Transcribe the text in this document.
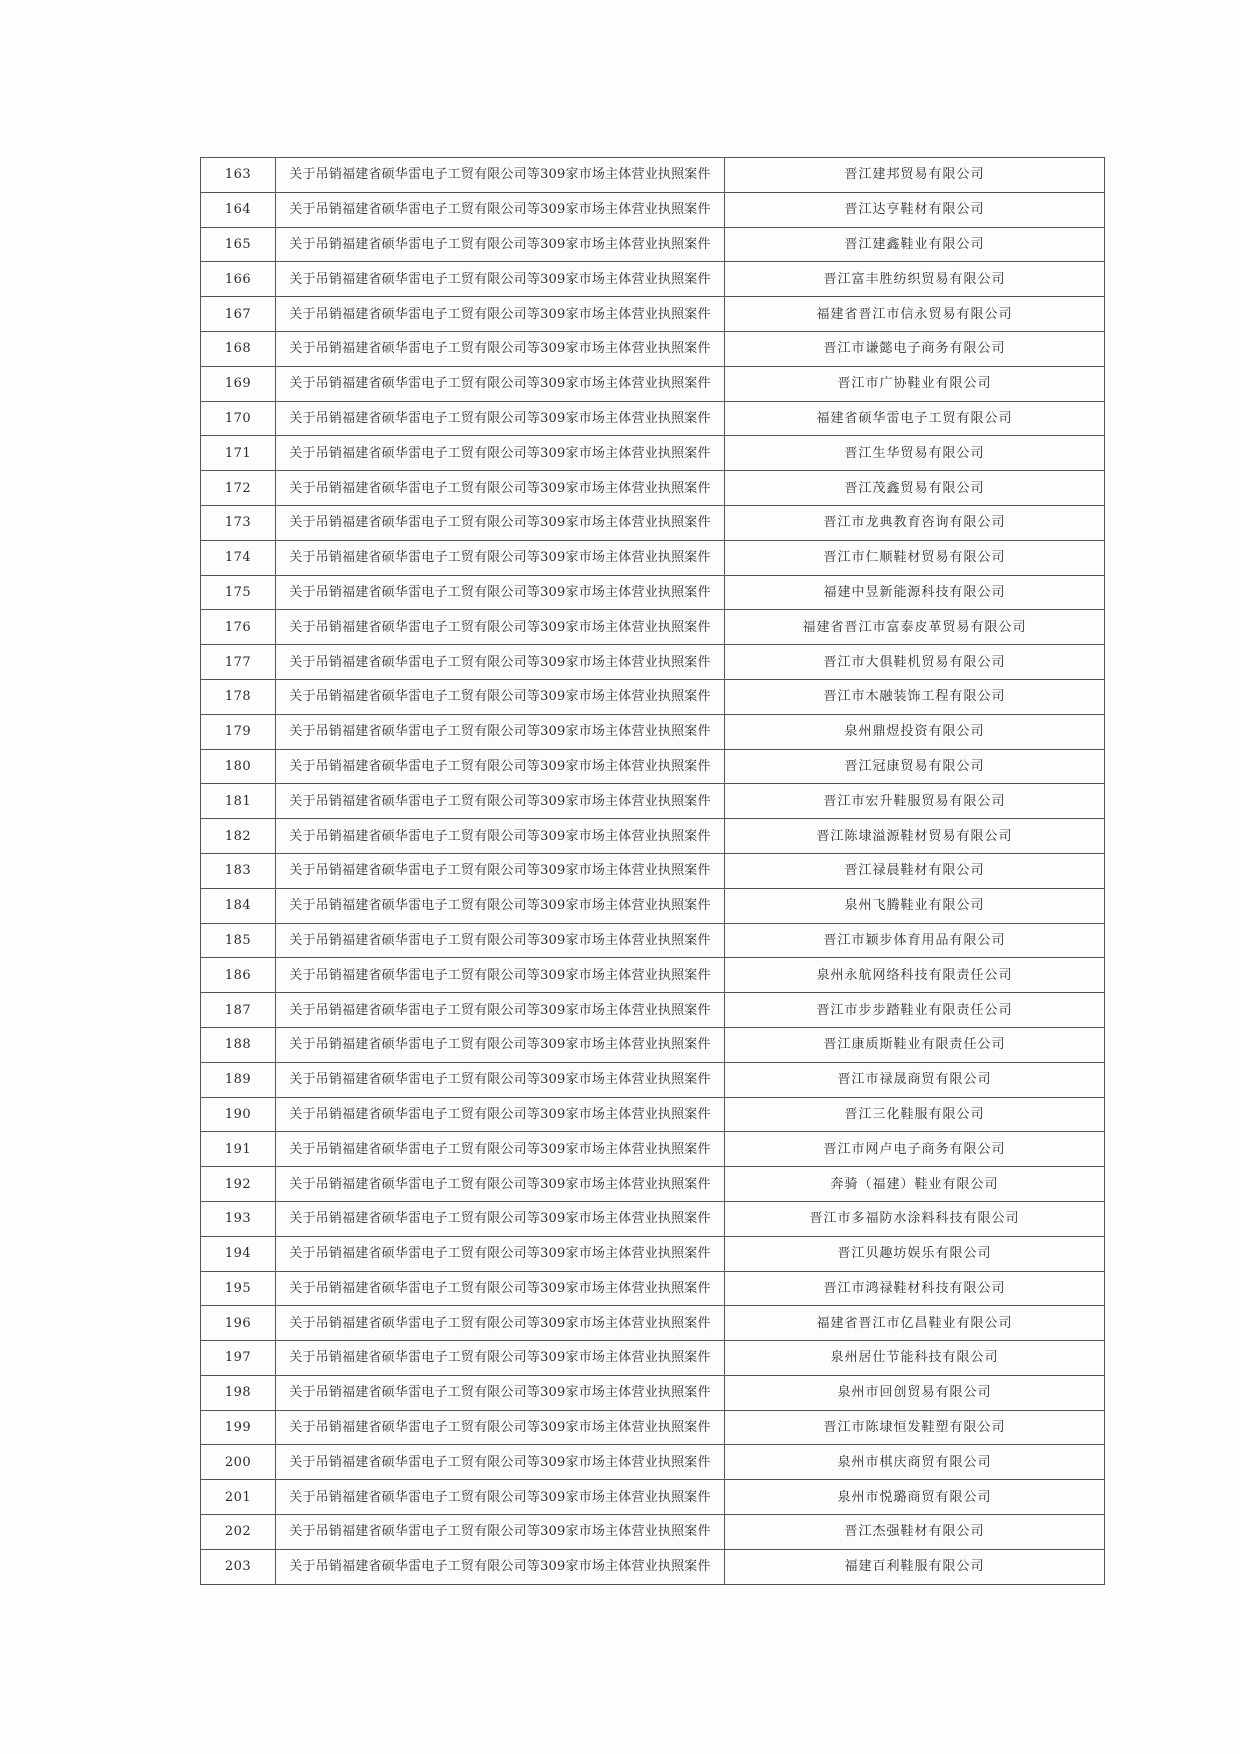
163	关于吊销福建省硕华雷电子工贸有限公司等309家市场主体营业执照案件	晋江建邦贸易有限公司
164	关于吊销福建省硕华雷电子工贸有限公司等309家市场主体营业执照案件	晋江达亨鞋材有限公司
165	关于吊销福建省硕华雷电子工贸有限公司等309家市场主体营业执照案件	晋江建鑫鞋业有限公司
166	关于吊销福建省硕华雷电子工贸有限公司等309家市场主体营业执照案件	晋江富丰胜纺织贸易有限公司
167	关于吊销福建省硕华雷电子工贸有限公司等309家市场主体营业执照案件	福建省晋江市信永贸易有限公司
168	关于吊销福建省硕华雷电子工贸有限公司等309家市场主体营业执照案件	晋江市谦懿电子商务有限公司
169	关于吊销福建省硕华雷电子工贸有限公司等309家市场主体营业执照案件	晋江市广协鞋业有限公司
170	关于吊销福建省硕华雷电子工贸有限公司等309家市场主体营业执照案件	福建省硕华雷电子工贸有限公司
171	关于吊销福建省硕华雷电子工贸有限公司等309家市场主体营业执照案件	晋江生华贸易有限公司
172	关于吊销福建省硕华雷电子工贸有限公司等309家市场主体营业执照案件	晋江茂鑫贸易有限公司
173	关于吊销福建省硕华雷电子工贸有限公司等309家市场主体营业执照案件	晋江市龙典教育咨询有限公司
174	关于吊销福建省硕华雷电子工贸有限公司等309家市场主体营业执照案件	晋江市仁顺鞋材贸易有限公司
175	关于吊销福建省硕华雷电子工贸有限公司等309家市场主体营业执照案件	福建中昱新能源科技有限公司
176	关于吊销福建省硕华雷电子工贸有限公司等309家市场主体营业执照案件	福建省晋江市富泰皮革贸易有限公司
177	关于吊销福建省硕华雷电子工贸有限公司等309家市场主体营业执照案件	晋江市大俱鞋机贸易有限公司
178	关于吊销福建省硕华雷电子工贸有限公司等309家市场主体营业执照案件	晋江市木融装饰工程有限公司
179	关于吊销福建省硕华雷电子工贸有限公司等309家市场主体营业执照案件	泉州鼎煜投资有限公司
180	关于吊销福建省硕华雷电子工贸有限公司等309家市场主体营业执照案件	晋江冠康贸易有限公司
181	关于吊销福建省硕华雷电子工贸有限公司等309家市场主体营业执照案件	晋江市宏升鞋服贸易有限公司
182	关于吊销福建省硕华雷电子工贸有限公司等309家市场主体营业执照案件	晋江陈埭溢源鞋材贸易有限公司
183	关于吊销福建省硕华雷电子工贸有限公司等309家市场主体营业执照案件	晋江禄晨鞋材有限公司
184	关于吊销福建省硕华雷电子工贸有限公司等309家市场主体营业执照案件	泉州飞腾鞋业有限公司
185	关于吊销福建省硕华雷电子工贸有限公司等309家市场主体营业执照案件	晋江市颖步体育用品有限公司
186	关于吊销福建省硕华雷电子工贸有限公司等309家市场主体营业执照案件	泉州永航网络科技有限责任公司
187	关于吊销福建省硕华雷电子工贸有限公司等309家市场主体营业执照案件	晋江市步步踏鞋业有限责任公司
188	关于吊销福建省硕华雷电子工贸有限公司等309家市场主体营业执照案件	晋江康质斯鞋业有限责任公司
189	关于吊销福建省硕华雷电子工贸有限公司等309家市场主体营业执照案件	晋江市禄晟商贸有限公司
190	关于吊销福建省硕华雷电子工贸有限公司等309家市场主体营业执照案件	晋江三化鞋服有限公司
191	关于吊销福建省硕华雷电子工贸有限公司等309家市场主体营业执照案件	晋江市网卢电子商务有限公司
192	关于吊销福建省硕华雷电子工贸有限公司等309家市场主体营业执照案件	奔骑（福建）鞋业有限公司
193	关于吊销福建省硕华雷电子工贸有限公司等309家市场主体营业执照案件	晋江市多福防水涂料科技有限公司
194	关于吊销福建省硕华雷电子工贸有限公司等309家市场主体营业执照案件	晋江贝趣坊娱乐有限公司
195	关于吊销福建省硕华雷电子工贸有限公司等309家市场主体营业执照案件	晋江市鸿禄鞋材科技有限公司
196	关于吊销福建省硕华雷电子工贸有限公司等309家市场主体营业执照案件	福建省晋江市亿昌鞋业有限公司
197	关于吊销福建省硕华雷电子工贸有限公司等309家市场主体营业执照案件	泉州居仕节能科技有限公司
198	关于吊销福建省硕华雷电子工贸有限公司等309家市场主体营业执照案件	泉州市回创贸易有限公司
199	关于吊销福建省硕华雷电子工贸有限公司等309家市场主体营业执照案件	晋江市陈埭恒发鞋塑有限公司
200	关于吊销福建省硕华雷电子工贸有限公司等309家市场主体营业执照案件	泉州市棋庆商贸有限公司
201	关于吊销福建省硕华雷电子工贸有限公司等309家市场主体营业执照案件	泉州市悦璐商贸有限公司
202	关于吊销福建省硕华雷电子工贸有限公司等309家市场主体营业执照案件	晋江杰强鞋材有限公司
203	关于吊销福建省硕华雷电子工贸有限公司等309家市场主体营业执照案件	福建百利鞋服有限公司
